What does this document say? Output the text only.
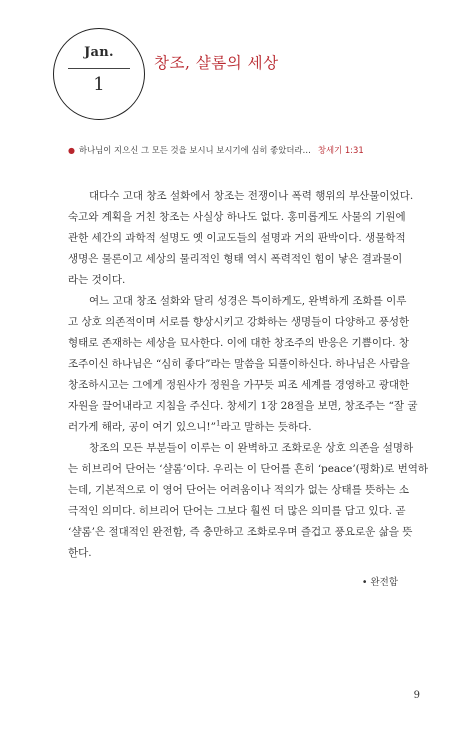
Jan.
1
창조, 샬롬의 세상
● 하나님이 지으신 그 모든 것을 보시니 보시기에 심히 좋았더라… 창세기 1:31

대다수 고대 창조 설화에서 창조는 전쟁이나 폭력 행위의 부산물이었다.
숙고와 계획을 거친 창조는 사실상 하나도 없다. 홍미롭게도 사물의 기원에
관한 세간의 과학적 설명도 옛 이교도들의 설명과 거의 판박이다. 생물학적
생명은 물론이고 세상의 물리적인 형태 역시 폭력적인 힘이 낳은 결과물이
라는 것이다.

여느 고대 창조 설화와 달리 성경은 특이하게도, 완벽하게 조화를 이루
고 상호 의존적이며 서로를 향상시키고 강화하는 생명들이 다양하고 풍성한
형태로 존재하는 세상을 묘사한다. 이에 대한 창조주의 반응은 기쁨이다. 창
조주이신 하나님은 “심히 좋다”라는 말씀을 되풀이하신다. 하나님은 사람을
창조하시고는 그에게 정원사가 정원을 가꾸듯 피조 세계를 경영하고 광대한
자원을 끌어내라고 지침을 주신다. 창세기 1장 28절을 보면, 창조주는 “잘 굴
러가게 해라, 공이 여기 있으니!”$^1$라고 말하는 듯하다.

창조의 모든 부분들이 이루는 이 완벽하고 조화로운 상호 의존을 설명하
는 히브리어 단어는 ‘샬롬’이다. 우리는 이 단어를 흔히 ‘peace’(평화)로 번역하
는데, 기본적으로 이 영어 단어는 어려움이나 적의가 없는 상태를 뜻하는 소
극적인 의미다. 히브리어 단어는 그보다 훨씬 더 많은 의미를 담고 있다. 곧
‘샬롬’은 절대적인 완전함, 즉 충만하고 조화로우며 즐겁고 풍요로운 삶을 뜻
한다.

• 완전함
9
